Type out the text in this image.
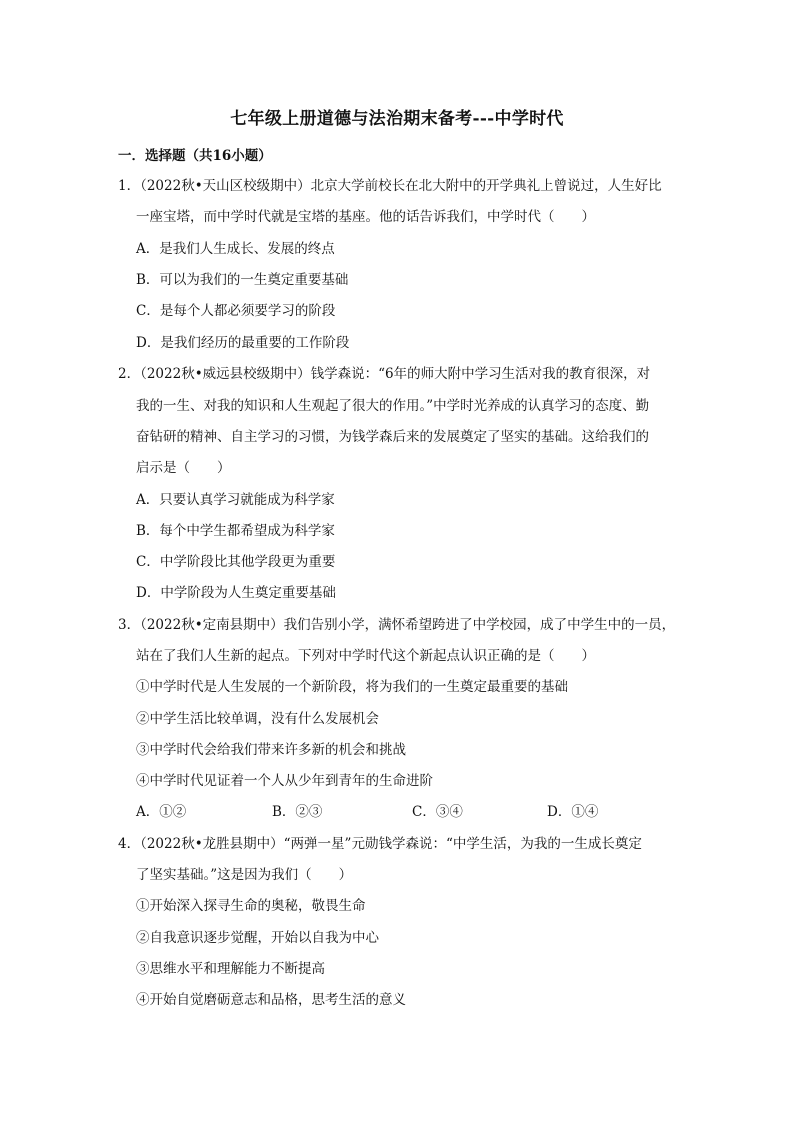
七年级上册道德与法治期末备考---中学时代
一．选择题（共16小题）
1．（2022秋•天山区校级期中）北京大学前校长在北大附中的开学典礼上曾说过，人生好比
一座宝塔，而中学时代就是宝塔的基座。他的话告诉我们，中学时代（　　）
A．是我们人生成长、发展的终点
B．可以为我们的一生奠定重要基础
C．是每个人都必须要学习的阶段
D．是我们经历的最重要的工作阶段
2．（2022秋•威远县校级期中）钱学森说：“6年的师大附中学习生活对我的教育很深，对
我的一生、对我的知识和人生观起了很大的作用。”中学时光养成的认真学习的态度、勤
奋钻研的精神、自主学习的习惯，为钱学森后来的发展奠定了坚实的基础。这给我们的
启示是（　　）
A．只要认真学习就能成为科学家
B．每个中学生都希望成为科学家
C．中学阶段比其他学段更为重要
D．中学阶段为人生奠定重要基础
3．（2022秋•定南县期中）我们告别小学，满怀希望跨进了中学校园，成了中学生中的一员，
站在了我们人生新的起点。下列对中学时代这个新起点认识正确的是（　　）
①中学时代是人生发展的一个新阶段，将为我们的一生奠定最重要的基础
②中学生活比较单调，没有什么发展机会
③中学时代会给我们带来许多新的机会和挑战
④中学时代见证着一个人从少年到青年的生命进阶
A．①②	B．②③	C．③④	D．①④
4．（2022秋•龙胜县期中）“两弹一星”元勋钱学森说：“中学生活，为我的一生成长奠定
了坚实基础。”这是因为我们（　　）
①开始深入探寻生命的奥秘，敬畏生命
②自我意识逐步觉醒，开始以自我为中心
③思维水平和理解能力不断提高
④开始自觉磨砺意志和品格，思考生活的意义
